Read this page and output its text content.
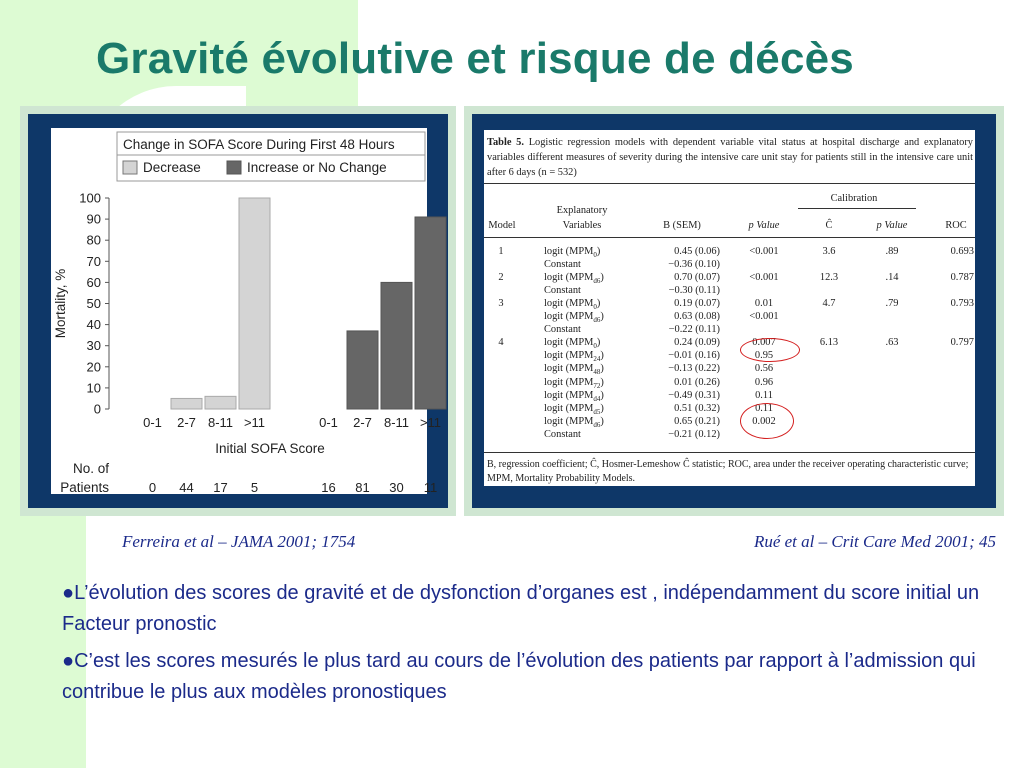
Gravité évolutive et risque de décès
Change in SOFA Score During First 48 Hours
Decrease	Increase or No Change
0
10
20
30
40
50
60
70
80
90
100
Mortality, %
0-1
0
2-7
44
8-11
17
>11
5
0-1
16
2-7
81
8-11
30
>11
11
Initial SOFA Score
No. of
Patients
Table 5. Logistic regression models with dependent variable vital status at hospital discharge and explanatory variables different measures of severity during the intensive care unit stay for patients still in the intensive care unit after 6 days (n = 532)
Calibration
Explanatory
Variables
Model	B (SEM)	p Value	Ĉ	p Value	ROC
1	logit $(MPM_0)$	0.45 (0.06)	<0.001	3.6	.89	0.693
Constant	−0.36 (0.10)
2	logit $(MPM_{d6})$	0.70 (0.07)	<0.001	12.3	.14	0.787
Constant	−0.30 (0.11)
3	logit $(MPM_0)$	0.19 (0.07)	0.01	4.7	.79	0.793
logit $(MPM_{d6})$	0.63 (0.08)	<0.001
Constant	−0.22 (0.11)
4	logit $(MPM_0)$	0.24 (0.09)	0.007	6.13	.63	0.797
logit $(MPM_{24})$	−0.01 (0.16)	0.95
logit $(MPM_{48})$	−0.13 (0.22)	0.56
logit $(MPM_{72})$	0.01 (0.26)	0.96
logit $(MPM_{d4})$	−0.49 (0.31)	0.11
logit $(MPM_{d5})$	0.51 (0.32)	0.11
logit $(MPM_{d6})$	0.65 (0.21)	0.002
Constant	−0.21 (0.12)
B, regression coefficient; Ĉ, Hosmer-Lemeshow Ĉ statistic; ROC, area under the receiver operating characteristic curve; MPM, Mortality Probability Models.
Ferreira et al – JAMA 2001; 1754	Rué et al – Crit Care Med 2001; 45
●L’évolution des scores de gravité et de dysfonction d’organes est , indépendamment du score initial un Facteur pronostic
●C’est les scores mesurés le plus tard au cours de l’évolution des patients par rapport à l’admission qui contribue le plus aux modèles pronostiques
